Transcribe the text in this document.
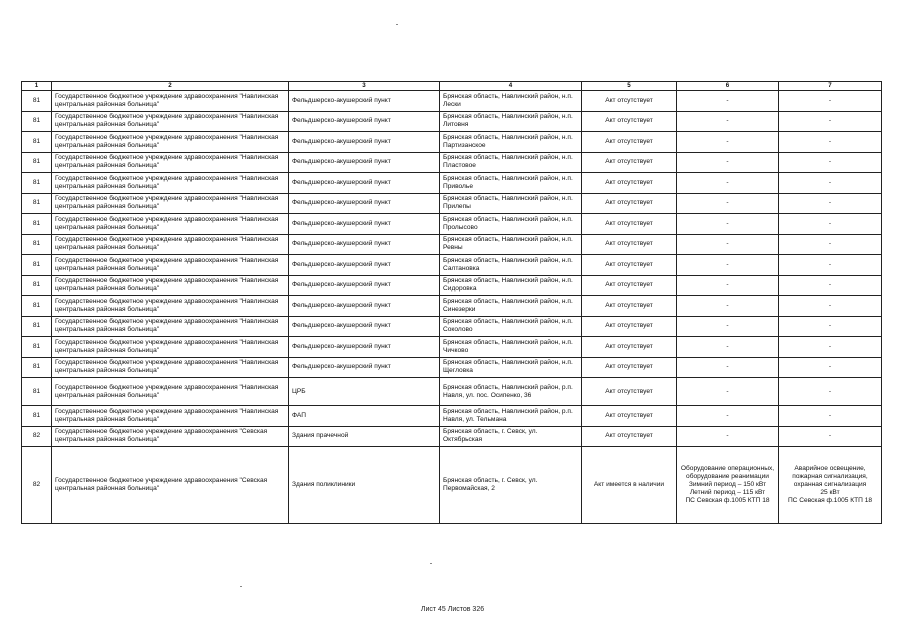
1	2	3	4	5	6	7
81	Государственное бюджетное учреждение здравоохранения "Навлинская центральная районная больница"	Фельдшерско-акушерский пункт	Брянская область, Навлинский район, н.п. Лески	Акт отсутствует	-	-
81	Государственное бюджетное учреждение здравоохранения "Навлинская центральная районная больница"	Фельдшерско-акушерский пункт	Брянская область, Навлинский район, н.п. Литовня	Акт отсутствует	-	-
81	Государственное бюджетное учреждение здравоохранения "Навлинская центральная районная больница"	Фельдшерско-акушерский пункт	Брянская область, Навлинский район, н.п. Партизанское	Акт отсутствует	-	-
81	Государственное бюджетное учреждение здравоохранения "Навлинская центральная районная больница"	Фельдшерско-акушерский пункт	Брянская область, Навлинский район, н.п. Пластовое	Акт отсутствует	-	-
81	Государственное бюджетное учреждение здравоохранения "Навлинская центральная районная больница"	Фельдшерско-акушерский пункт	Брянская область, Навлинский район, н.п. Приволье	Акт отсутствует	-	-
81	Государственное бюджетное учреждение здравоохранения "Навлинская центральная районная больница"	Фельдшерско-акушерский пункт	Брянская область, Навлинский район, н.п. Прилепы	Акт отсутствует	-	-
81	Государственное бюджетное учреждение здравоохранения "Навлинская центральная районная больница"	Фельдшерско-акушерский пункт	Брянская область, Навлинский район, н.п. Пролысово	Акт отсутствует	-	-
81	Государственное бюджетное учреждение здравоохранения "Навлинская центральная районная больница"	Фельдшерско-акушерский пункт	Брянская область, Навлинский район, н.п. Ревны	Акт отсутствует	-	-
81	Государственное бюджетное учреждение здравоохранения "Навлинская центральная районная больница"	Фельдшерско-акушерский пункт	Брянская область, Навлинский район, н.п. Салтановка	Акт отсутствует	-	-
81	Государственное бюджетное учреждение здравоохранения "Навлинская центральная районная больница"	Фельдшерско-акушерский пункт	Брянская область, Навлинский район, н.п. Сидоровка	Акт отсутствует	-	-
81	Государственное бюджетное учреждение здравоохранения "Навлинская центральная районная больница"	Фельдшерско-акушерский пункт	Брянская область, Навлинский район, н.п. Синезерки	Акт отсутствует	-	-
81	Государственное бюджетное учреждение здравоохранения "Навлинская центральная районная больница"	Фельдшерско-акушерский пункт	Брянская область, Навлинский район, н.п. Соколово	Акт отсутствует	-	-
81	Государственное бюджетное учреждение здравоохранения "Навлинская центральная районная больница"	Фельдшерско-акушерский пункт	Брянская область, Навлинский район, н.п. Чичково	Акт отсутствует	-	-
81	Государственное бюджетное учреждение здравоохранения "Навлинская центральная районная больница"	Фельдшерско-акушерский пункт	Брянская область, Навлинский район, н.п. Щегловка	Акт отсутствует	-	-
81	Государственное бюджетное учреждение здравоохранения "Навлинская центральная районная больница"	ЦРБ	Брянская область, Навлинский район, р.п. Навля, ул. пос. Осипенко, 36	Акт отсутствует	-	-
81	Государственное бюджетное учреждение здравоохранения "Навлинская центральная районная больница"	ФАП	Брянская область, Навлинский район, р.п. Навля, ул. Тельмана	Акт отсутствует	-	-
82	Государственное бюджетное учреждение здравоохранения "Севская центральная районная больница"	Здания прачечной	Брянская область, г. Севск, ул. Октябрьская	Акт отсутствует	-	-
82	Государственное бюджетное учреждение здравоохранения "Севская центральная районная больница"	Здания поликлиники	Брянская область, г. Севск, ул. Первомайская, 2	Акт имеется в наличии	Оборудование операционных, оборудование реанимации
Зимний период – 150 кВт
Летний период – 115 кВт
ПС Севская ф.1005 КТП 18	Аварийное освещение, пожарная сигнализация, охранная сигнализация
25 кВт
ПС Севская ф.1005 КТП 18
Лист 45 Листов 326
